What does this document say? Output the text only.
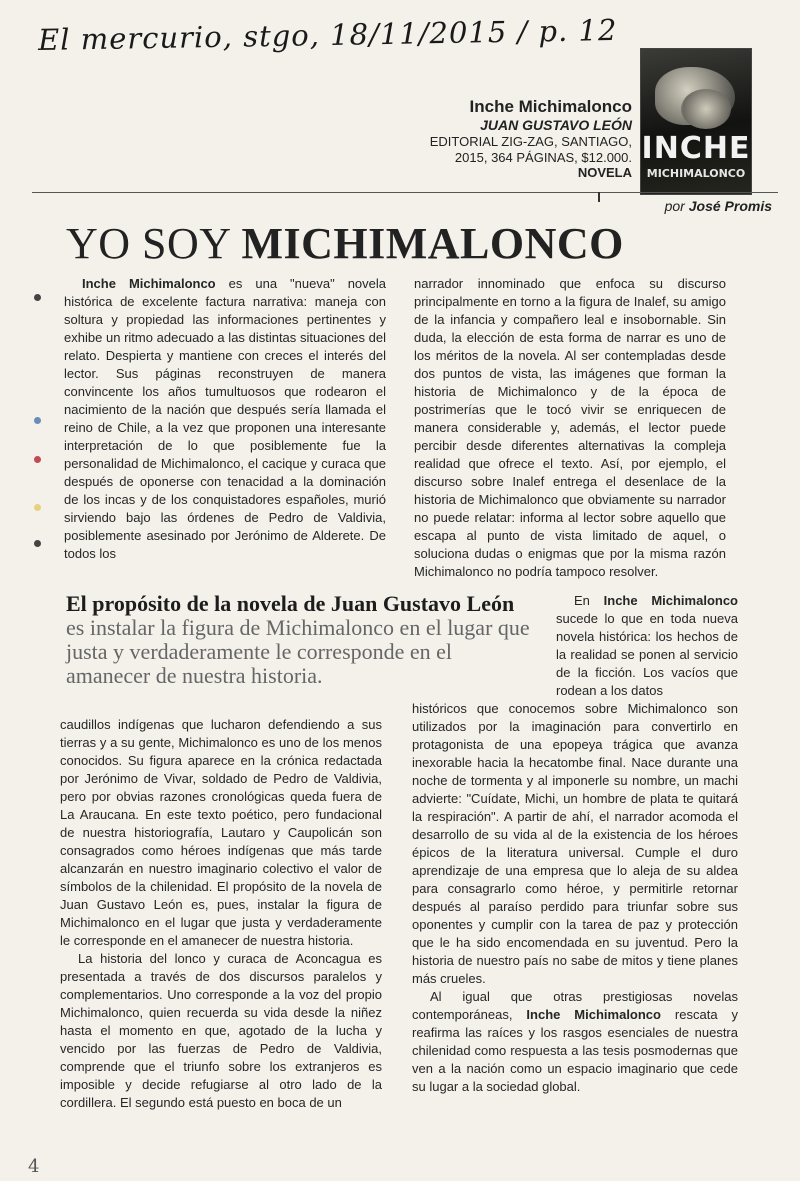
El mercurio, stgo, 18/11/2015 / p. 12
Inche Michimalonco
JUAN GUSTAVO LEÓN
EDITORIAL ZIG-ZAG, SANTIAGO,
2015, 364 PÁGINAS, $12.000.
NOVELA
INCHE
MICHIMALONCO
por José Promis
YO SOY MICHIMALONCO

Inche Michimalonco es una "nueva" novela histórica de excelente factura narrativa: maneja con soltura y propiedad las informaciones pertinentes y exhibe un ritmo adecuado a las distintas situaciones del relato. Despierta y mantiene con creces el interés del lector. Sus páginas reconstruyen de manera convincente los años tumultuosos que rodearon el nacimiento de la nación que después sería llamada el reino de Chile, a la vez que proponen una interesante interpretación de lo que posiblemente fue la personalidad de Michimalonco, el cacique y curaca que después de oponerse con tenacidad a la dominación de los incas y de los conquistadores españoles, murió sirviendo bajo las órdenes de Pedro de Valdivia, posiblemente asesinado por Jerónimo de Alderete. De todos los

narrador innominado que enfoca su discurso principalmente en torno a la figura de Inalef, su amigo de la infancia y compañero leal e insobornable. Sin duda, la elección de esta forma de narrar es uno de los méritos de la novela. Al ser contempladas desde dos puntos de vista, las imágenes que forman la historia de Michimalonco y de la época de postrimerías que le tocó vivir se enriquecen de manera considerable y, además, el lector puede percibir desde diferentes alternativas la compleja realidad que ofrece el texto. Así, por ejemplo, el discurso sobre Inalef entrega el desenlace de la historia de Michimalonco que obviamente su narrador no puede relatar: informa al lector sobre aquello que escapa al punto de vista limitado de aquel, o soluciona dudas o enigmas que por la misma razón Michimalonco no podría tampoco resolver.

El propósito de la novela de Juan Gustavo León es instalar la figura de Michimalonco en el lugar que justa y verdaderamente le corresponde en el amanecer de nuestra historia.

En Inche Michimalonco sucede lo que en toda nueva novela histórica: los hechos de la realidad se ponen al servicio de la ficción. Los vacíos que rodean a los datos

caudillos indígenas que lucharon defendiendo a sus tierras y a su gente, Michimalonco es uno de los menos conocidos. Su figura aparece en la crónica redactada por Jerónimo de Vivar, soldado de Pedro de Valdivia, pero por obvias razones cronológicas queda fuera de La Araucana. En este texto poético, pero fundacional de nuestra historiografía, Lautaro y Caupolicán son consagrados como héroes indígenas que más tarde alcanzarán en nuestro imaginario colectivo el valor de símbolos de la chilenidad. El propósito de la novela de Juan Gustavo León es, pues, instalar la figura de Michimalonco en el lugar que justa y verdaderamente le corresponde en el amanecer de nuestra historia.

La historia del lonco y curaca de Aconcagua es presentada a través de dos discursos paralelos y complementarios. Uno corresponde a la voz del propio Michimalonco, quien recuerda su vida desde la niñez hasta el momento en que, agotado de la lucha y vencido por las fuerzas de Pedro de Valdivia, comprende que el triunfo sobre los extranjeros es imposible y decide refugiarse al otro lado de la cordillera. El segundo está puesto en boca de un

históricos que conocemos sobre Michimalonco son utilizados por la imaginación para convertirlo en protagonista de una epopeya trágica que avanza inexorable hacia la hecatombe final. Nace durante una noche de tormenta y al imponerle su nombre, un machi advierte: "Cuídate, Michi, un hombre de plata te quitará la respiración". A partir de ahí, el narrador acomoda el desarrollo de su vida al de la existencia de los héroes épicos de la literatura universal. Cumple el duro aprendizaje de una empresa que lo aleja de su aldea para consagrarlo como héroe, y permitirle retornar después al paraíso perdido para triunfar sobre sus oponentes y cumplir con la tarea de paz y protección que le ha sido encomendada en su juventud. Pero la historia de nuestro país no sabe de mitos y tiene planes más crueles.

Al igual que otras prestigiosas novelas contemporáneas, Inche Michimalonco rescata y reafirma las raíces y los rasgos esenciales de nuestra chilenidad como respuesta a las tesis posmodernas que ven a la nación como un espacio imaginario que cede su lugar a la sociedad global.

4
